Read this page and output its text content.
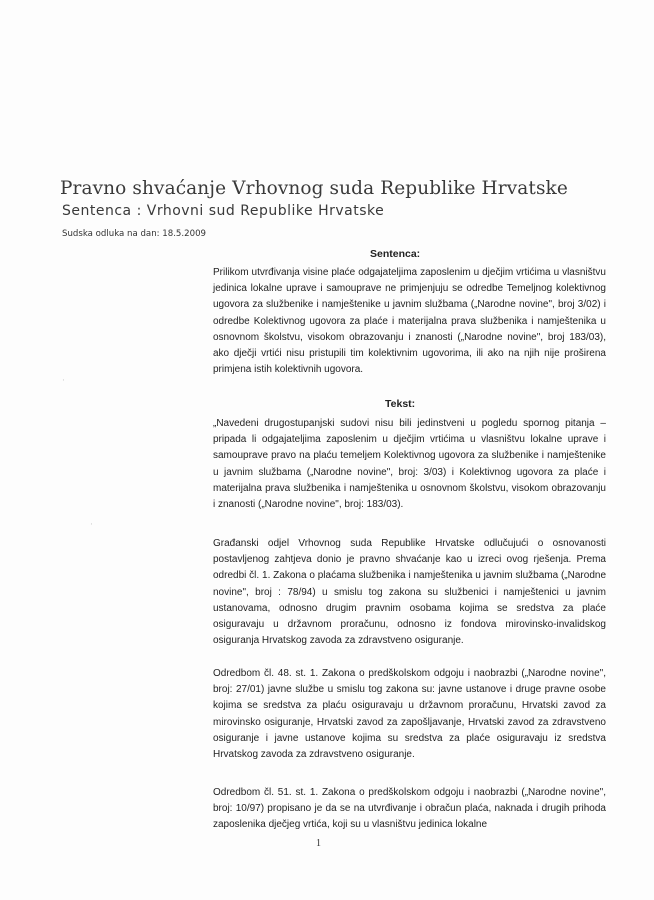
Pravno shvaćanje Vrhovnog suda Republike Hrvatske
Sentenca : Vrhovni sud Republike Hrvatske
Sudska odluka na dan: 18.5.2009
Sentenca:

Prilikom utvrđivanja visine plaće odgajateljima zaposlenim u dječjim vrtićima u vlasništvu jedinica lokalne uprave i samouprave ne primjenjuju se odredbe Temeljnog kolektivnog ugovora za službenike i namještenike u javnim službama („Narodne novine", broj 3/02) i odredbe Kolektivnog ugovora za plaće i materijalna prava službenika i namještenika u osnovnom školstvu, visokom obrazovanju i znanosti („Narodne novine", broj 183/03), ako dječji vrtići nisu pristupili tim kolektivnim ugovorima, ili ako na njih nije proširena primjena istih kolektivnih ugovora.

Tekst:

„Navedeni drugostupanjski sudovi nisu bili jedinstveni u pogledu spornog pitanja – pripada li odgajateljima zaposlenim u dječjim vrtićima u vlasništvu lokalne uprave i samouprave pravo na plaću temeljem Kolektivnog ugovora za službenike i namještenike u javnim službama („Narodne novine", broj: 3/03) i Kolektivnog ugovora za plaće i materijalna prava službenika i namještenika u osnovnom školstvu, visokom obrazovanju i znanosti („Narodne novine", broj: 183/03).

Građanski odjel Vrhovnog suda Republike Hrvatske odlučujući o osnovanosti postavljenog zahtjeva donio je pravno shvaćanje kao u izreci ovog rješenja. Prema odredbi čl. 1. Zakona o plaćama službenika i namještenika u javnim službama („Narodne novine", broj : 78/94) u smislu tog zakona su službenici i namještenici u javnim ustanovama, odnosno drugim pravnim osobama kojima se sredstva za plaće osiguravaju u državnom proračunu, odnosno iz fondova mirovinsko-invalidskog osiguranja Hrvatskog zavoda za zdravstveno osiguranje.

Odredbom čl. 48. st. 1. Zakona o predškolskom odgoju i naobrazbi („Narodne novine", broj: 27/01) javne službe u smislu tog zakona su: javne ustanove i druge pravne osobe kojima se sredstva za plaću osiguravaju u državnom proračunu, Hrvatski zavod za mirovinsko osiguranje, Hrvatski zavod za zapošljavanje, Hrvatski zavod za zdravstveno osiguranje i javne ustanove kojima su sredstva za plaće osiguravaju iz sredstva Hrvatskog zavoda za zdravstveno osiguranje.

Odredbom čl. 51. st. 1. Zakona o predškolskom odgoju i naobrazbi („Narodne novine", broj: 10/97) propisano je da se na utvrđivanje i obračun plaća, naknada i drugih prihoda zaposlenika dječjeg vrtića, koji su u vlasništvu jedinica lokalne

1
·
·
